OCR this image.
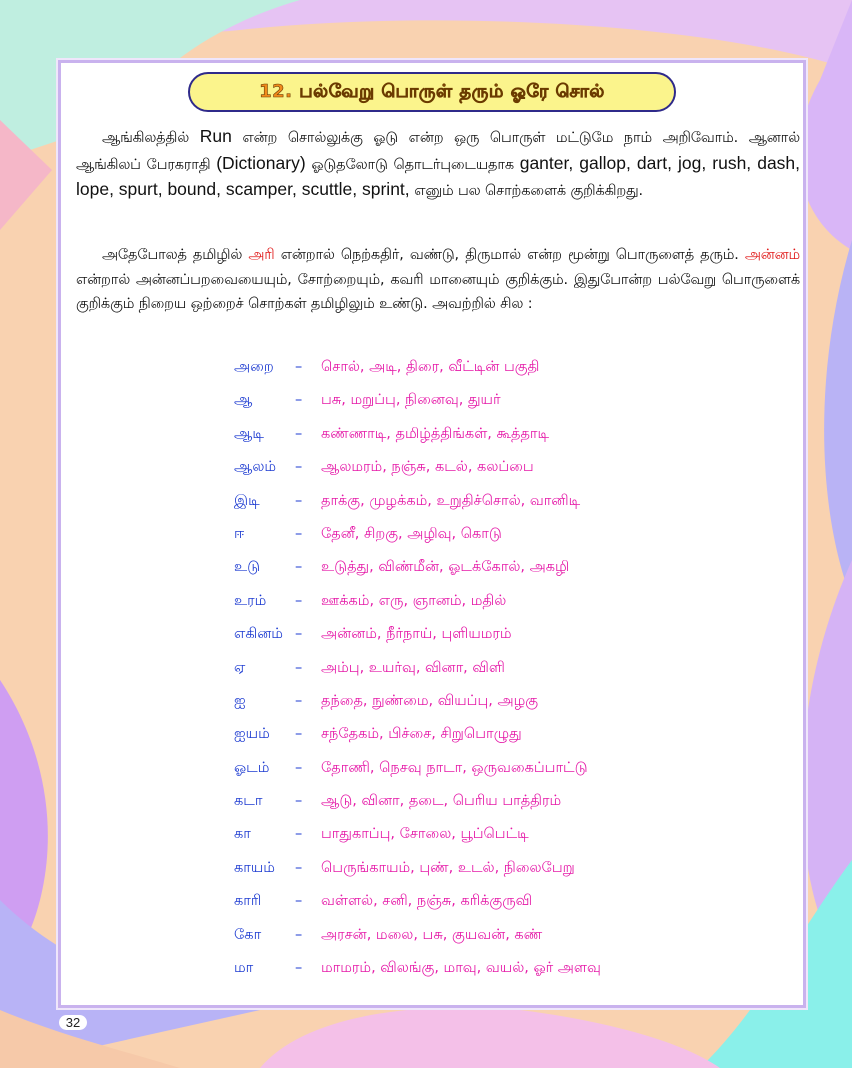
12. பல்வேறு பொருள் தரும் ஓரே சொல்

ஆங்கிலத்தில் Run என்ற சொல்லுக்கு ஓடு என்ற ஒரு பொருள் மட்டுமே நாம் அறிவோம். ஆனால் ஆங்கிலப் பேரகராதி (Dictionary) ஓடுதலோடு தொடர்புடையதாக ganter, gallop, dart, jog, rush, dash, lope, spurt, bound, scamper, scuttle, sprint, எனும் பல சொற்களைக் குறிக்கிறது.

அதேபோலத் தமிழில் அரி என்றால் நெற்கதிர், வண்டு, திருமால் என்ற மூன்று பொருளைத் தரும். அன்னம் என்றால் அன்னப்பறவையையும், சோற்றையும், கவரி மானையும் குறிக்கும். இதுபோன்ற பல்வேறு பொருளைக் குறிக்கும் நிறைய ஒற்றைச் சொற்கள் தமிழிலும் உண்டு. அவற்றில் சில :

அறை – சொல், அடி, திரை, வீட்டின் பகுதி
ஆ	– பசு, மறுப்பு, நினைவு, துயர்
ஆடி – கண்ணாடி, தமிழ்த்திங்கள், கூத்தாடி
ஆலம் – ஆலமரம், நஞ்சு, கடல், கலப்பை
இடி – தாக்கு, முழக்கம், உறுதிச்சொல், வானிடி
ஈ	– தேனீ, சிறகு, அழிவு, கொடு
உடு – உடுத்து, விண்மீன், ஓடக்கோல், அகழி
உரம் – ஊக்கம், எரு, ஞானம், மதில்
எகினம் – அன்னம், நீர்நாய், புளியமரம்
ஏ	– அம்பு, உயர்வு, வினா, விளி
ஐ	– தந்தை, நுண்மை, வியப்பு, அழகு
ஐயம் – சந்தேகம், பிச்சை, சிறுபொழுது
ஓடம் – தோணி, நெசவு நாடா, ஒருவகைப்பாட்டு
கடா – ஆடு, வினா, தடை, பெரிய பாத்திரம்
கா	– பாதுகாப்பு, சோலை, பூப்பெட்டி
காயம் – பெருங்காயம், புண், உடல், நிலைபேறு
காரி – வள்ளல், சனி, நஞ்சு, கரிக்குருவி
கோ – அரசன், மலை, பசு, குயவன், கண்
மா	– மாமரம், விலங்கு, மாவு, வயல், ஓர் அளவு
32
